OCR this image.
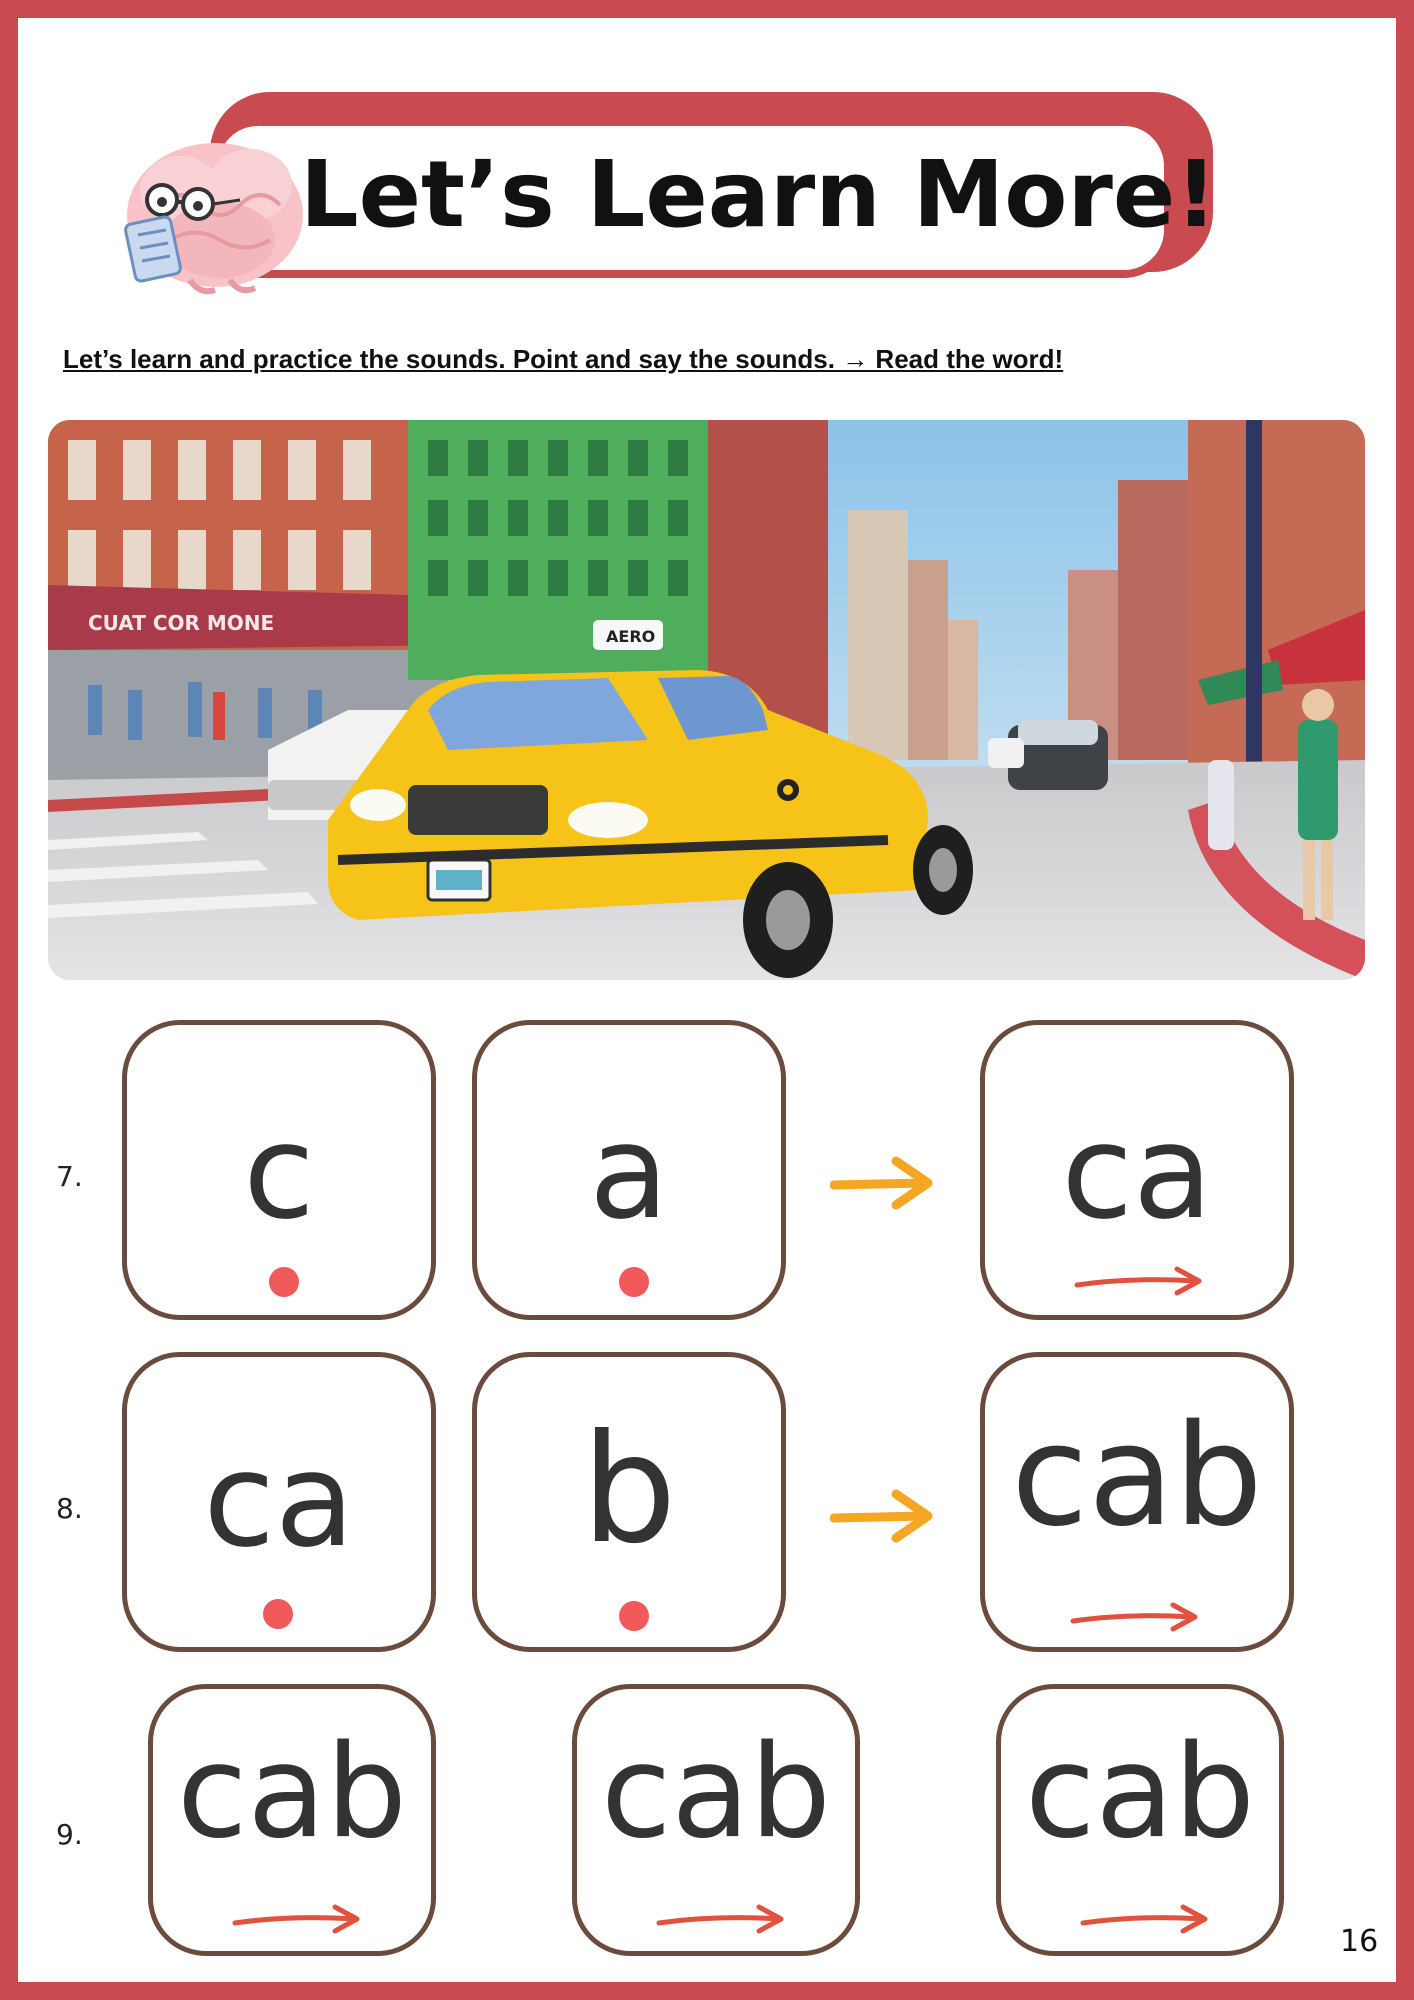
Let’s Learn More!
Let’s learn and practice the sounds. Point and say the sounds. → Read the word!
CUAT COR MONE
AERO
7.	c	a	ca
8. ca	b	cab
9. cab cab cab
16
